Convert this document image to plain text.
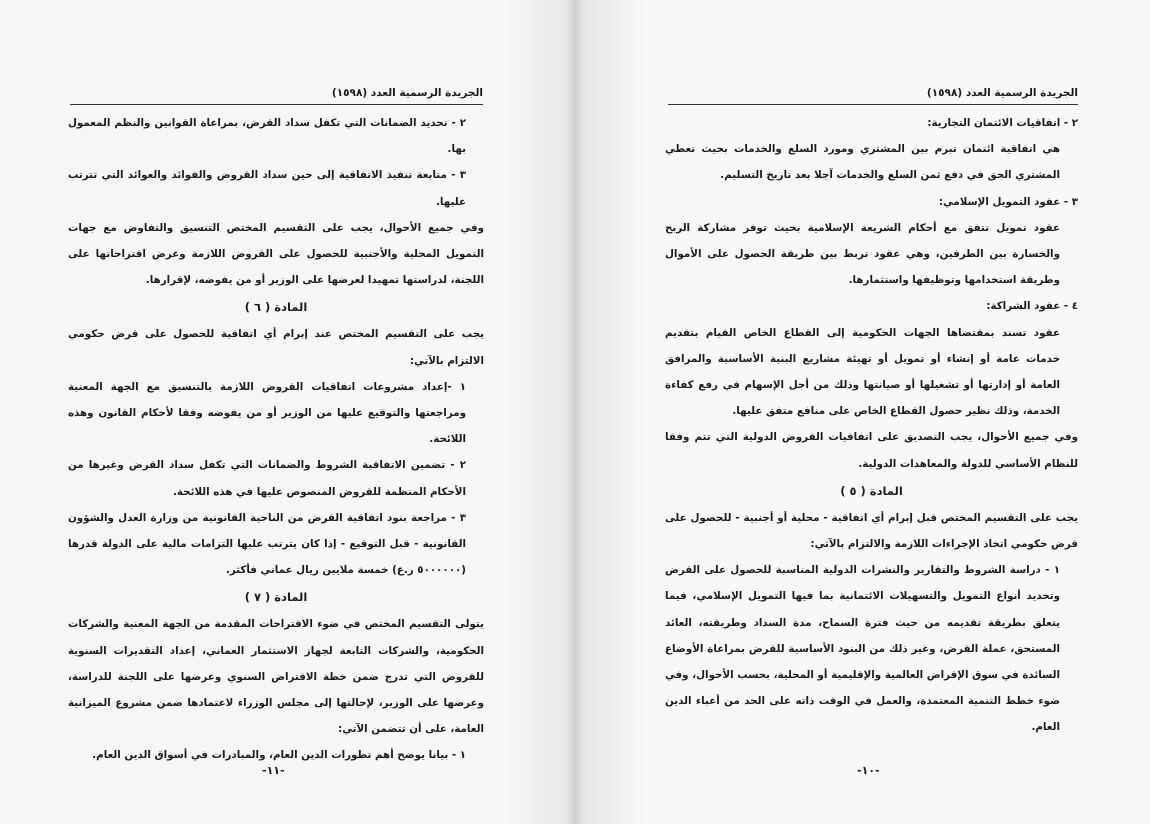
الجريدة الرسمية العدد (١٥٩٨)

٢ - تحديد الضمانات التي تكفل سداد القرض، بمراعاة القوانين والنظم المعمول بها.

٣ - متابعة تنفيذ الاتفاقية إلى حين سداد القروض والفوائد والعوائد التي تترتب عليها.

وفي جميع الأحوال، يجب على التقسيم المختص التنسيق والتفاوض مع جهات التمويل المحلية والأجنبية للحصول على القروض اللازمة وعرض اقتراحاتها على اللجنة، لدراستها تمهيدا لعرضها على الوزير أو من يفوضه، لإقرارها.

المادة ( ٦ )

يجب على التقسيم المختص عند إبرام أي اتفاقية للحصول على قرض حكومي الالتزام بالآتي:

١ -إعداد مشروعات اتفاقيات القروض اللازمة بالتنسيق مع الجهة المعنية ومراجعتها والتوقيع عليها من الوزير أو من يفوضه وفقا لأحكام القانون وهذه اللائحة.

٢ - تضمين الاتفاقية الشروط والضمانات التي تكفل سداد القرض وغيرها من الأحكام المنظمة للقروض المنصوص عليها في هذه اللائحة.

٣ - مراجعة بنود اتفاقية القرض من الناحية القانونية من وزارة العدل والشؤون القانونية - قبل التوقيع - إذا كان يترتب عليها التزامات مالية على الدولة قدرها (٥٠٠٠٠٠٠ ر.ع) خمسة ملايين ريال عماني فأكثر.

المادة ( ٧ )

يتولى التقسيم المختص في ضوء الاقتراحات المقدمة من الجهة المعنية والشركات الحكومية، والشركات التابعة لجهاز الاستثمار العماني، إعداد التقديرات السنوية للقروض التي تدرج ضمن خطة الاقتراض السنوي وعرضها على اللجنة للدراسة، وعرضها على الوزير، لإحالتها إلى مجلس الوزراء لاعتمادها ضمن مشروع الميزانية العامة، على أن تتضمن الآتي:

١ - بيانا يوضح أهم تطورات الدين العام، والمبادرات في أسواق الدين العام.

-١١-
الجريدة الرسمية العدد (١٥٩٨)

٢ - اتفاقيات الائتمان التجارية:

هي اتفاقية ائتمان تبرم بين المشتري ومورد السلع والخدمات بحيث تعطي المشتري الحق في دفع ثمن السلع والخدمات آجلا بعد تاريخ التسليم.

٣ - عقود التمويل الإسلامي:

عقود تمويل تتفق مع أحكام الشريعة الإسلامية بحيث توفر مشاركة الربح والخسارة بين الطرفين، وهي عقود تربط بين طريقة الحصول على الأموال وطريقة استخدامها وتوظيفها واستثمارها.

٤ - عقود الشراكة:

عقود تسند بمقتضاها الجهات الحكومية إلى القطاع الخاص القيام بتقديم خدمات عامة أو إنشاء أو تمويل أو تهيئة مشاريع البنية الأساسية والمرافق العامة أو إدارتها أو تشغيلها أو صيانتها وذلك من أجل الإسهام في رفع كفاءة الخدمة، وذلك نظير حصول القطاع الخاص على منافع متفق عليها.

وفي جميع الأحوال، يجب التصديق على اتفاقيات القروض الدولية التي تتم وفقا للنظام الأساسي للدولة والمعاهدات الدولية.

المادة ( ٥ )

يجب على التقسيم المختص قبل إبرام أي اتفاقية - محلية أو أجنبية - للحصول على قرض حكومي اتخاذ الإجراءات اللازمة والالتزام بالآتي:

١ - دراسة الشروط والتقارير والنشرات الدولية المناسبة للحصول على القرض وتحديد أنواع التمويل والتسهيلات الائتمانية بما فيها التمويل الإسلامي، فيما يتعلق بطريقة تقديمه من حيث فترة السماح، مدة السداد وطريقته، العائد المستحق، عملة القرض، وغير ذلك من البنود الأساسية للقرض بمراعاة الأوضاع السائدة في سوق الإقراض العالمية والإقليمية أو المحلية، بحسب الأحوال، وفي ضوء خطط التنمية المعتمدة، والعمل في الوقت ذاته على الحد من أعباء الدين العام.

-١٠-
